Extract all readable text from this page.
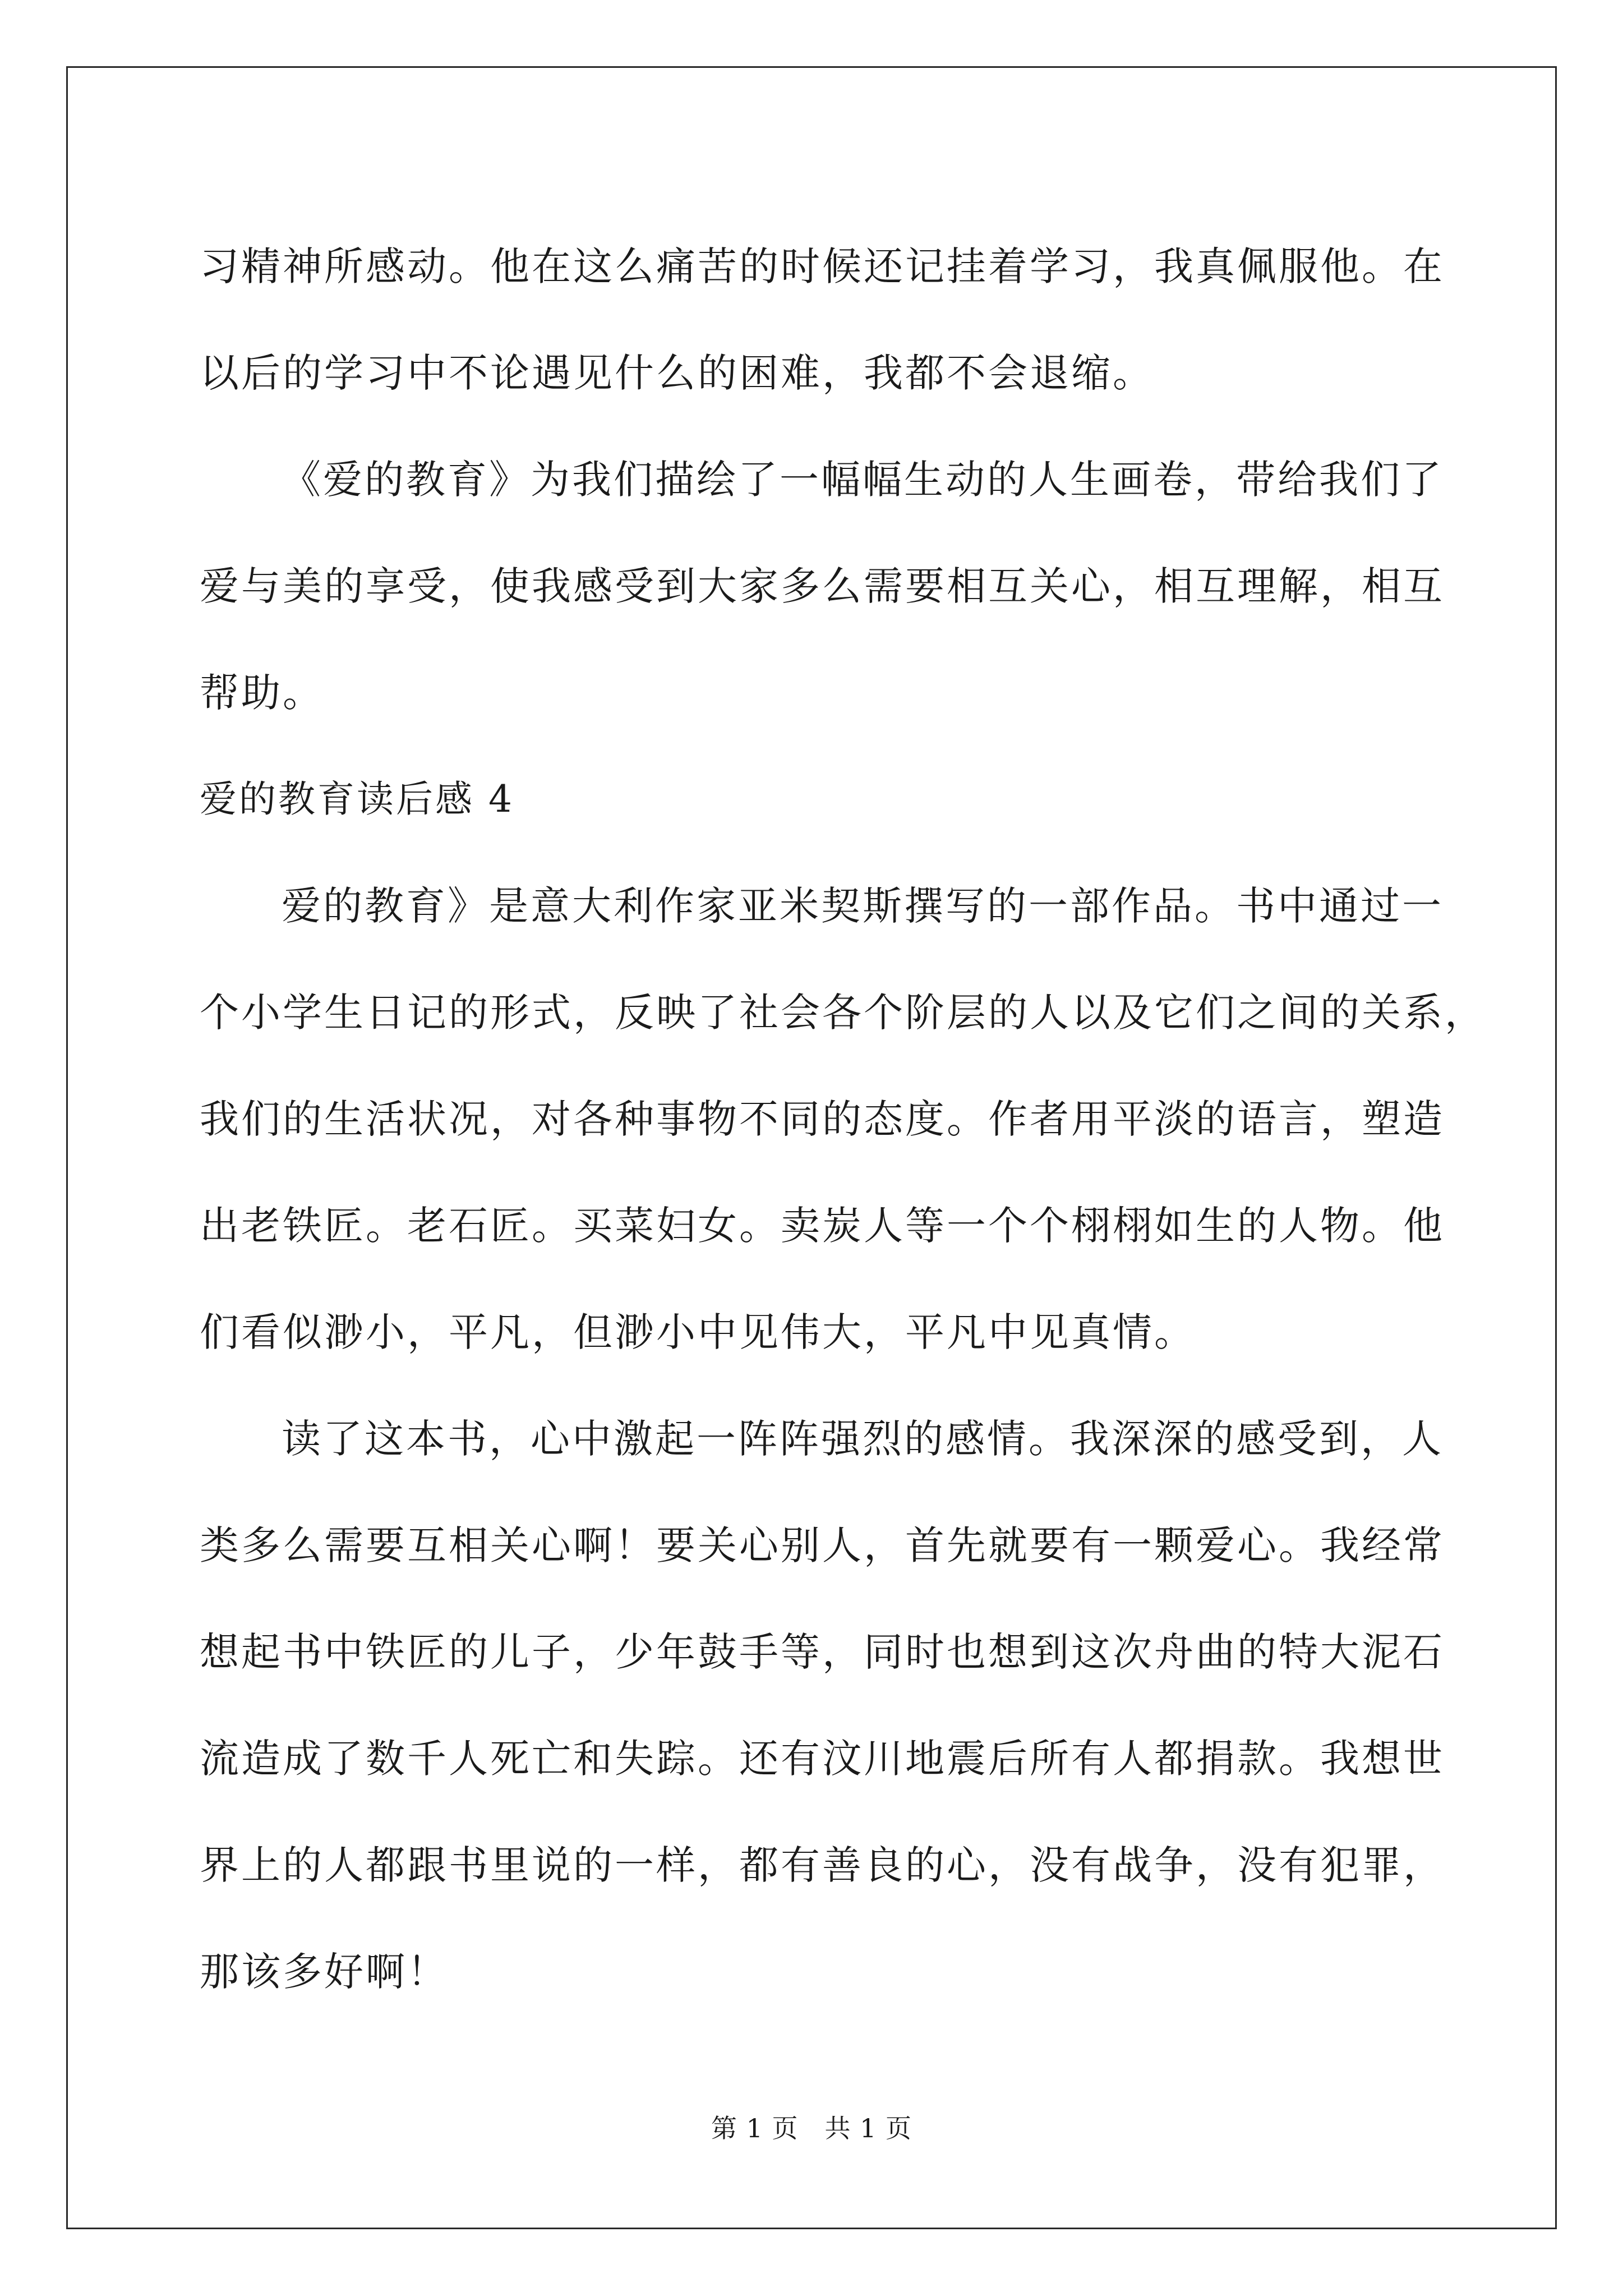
习精神所感动。他在这么痛苦的时候还记挂着学习，我真佩服他。在
以后的学习中不论遇见什么的困难，我都不会退缩。
《爱的教育》为我们描绘了一幅幅生动的人生画卷，带给我们了
爱与美的享受，使我感受到大家多么需要相互关心，相互理解，相互
帮助。
爱的教育读后感 4
爱的教育》是意大利作家亚米契斯撰写的一部作品。书中通过一
个小学生日记的形式，反映了社会各个阶层的人以及它们之间的关系，
我们的生活状况，对各种事物不同的态度。作者用平淡的语言，塑造
出老铁匠。老石匠。买菜妇女。卖炭人等一个个栩栩如生的人物。他
们看似渺小，平凡，但渺小中见伟大，平凡中见真情。
读了这本书，心中激起一阵阵强烈的感情。我深深的感受到，人
类多么需要互相关心啊！要关心别人，首先就要有一颗爱心。我经常
想起书中铁匠的儿子，少年鼓手等，同时也想到这次舟曲的特大泥石
流造成了数千人死亡和失踪。还有汶川地震后所有人都捐款。我想世
界上的人都跟书里说的一样，都有善良的心，没有战争，没有犯罪，
那该多好啊！
第 1 页　共 1 页
